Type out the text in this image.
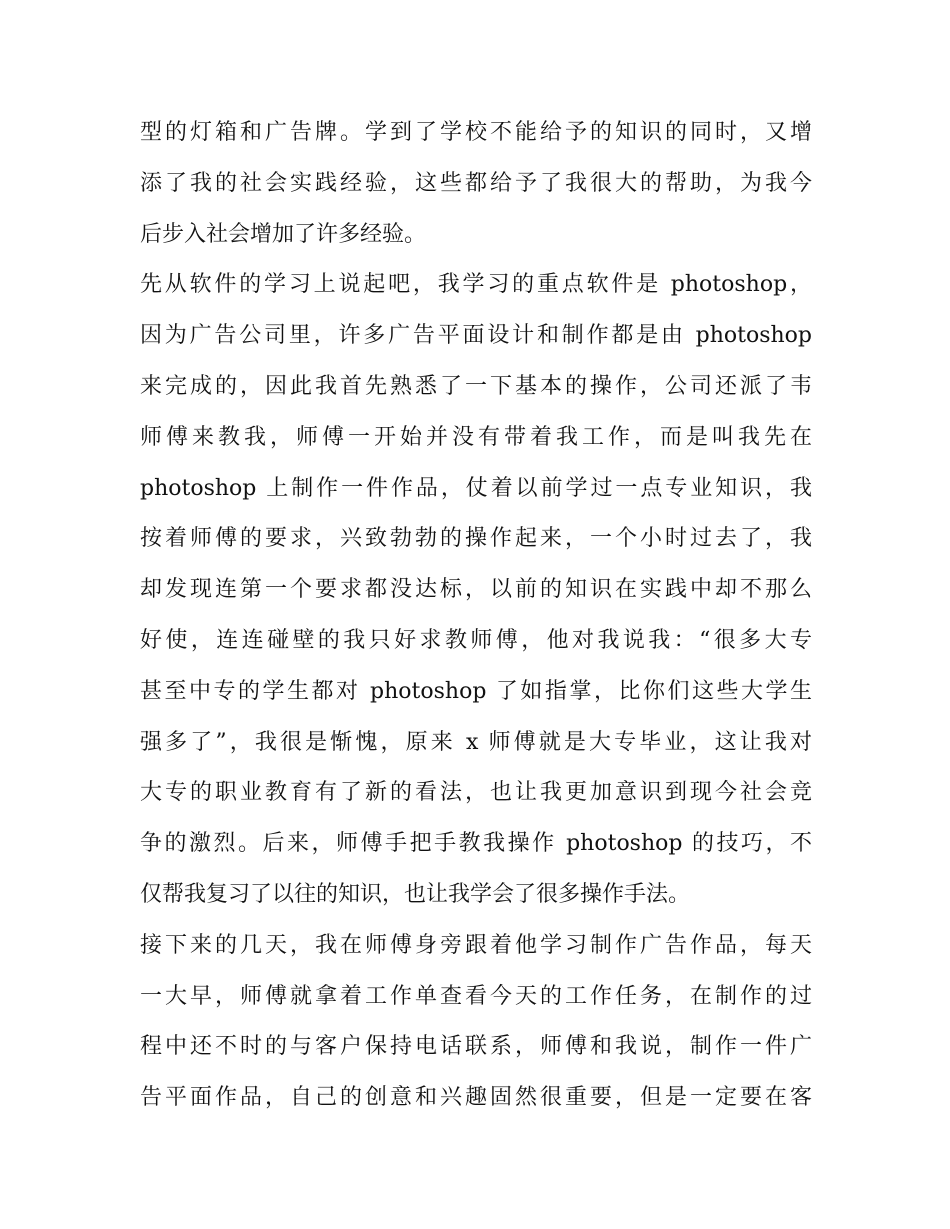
型的灯箱和广告牌。学到了学校不能给予的知识的同时，又增
添了我的社会实践经验，这些都给予了我很大的帮助，为我今
后步入社会增加了许多经验。
先从软件的学习上说起吧，我学习的重点软件是 photoshop，
因为广告公司里，许多广告平面设计和制作都是由 photoshop
来完成的，因此我首先熟悉了一下基本的操作，公司还派了韦
师傅来教我，师傅一开始并没有带着我工作，而是叫我先在
photoshop 上制作一件作品，仗着以前学过一点专业知识，我
按着师傅的要求，兴致勃勃的操作起来，一个小时过去了，我
却发现连第一个要求都没达标，以前的知识在实践中却不那么
好使，连连碰壁的我只好求教师傅，他对我说我：“很多大专
甚至中专的学生都对 photoshop 了如指掌，比你们这些大学生
强多了”，我很是惭愧，原来 x 师傅就是大专毕业，这让我对
大专的职业教育有了新的看法，也让我更加意识到现今社会竞
争的激烈。后来，师傅手把手教我操作 photoshop 的技巧，不
仅帮我复习了以往的知识，也让我学会了很多操作手法。
接下来的几天，我在师傅身旁跟着他学习制作广告作品，每天
一大早，师傅就拿着工作单查看今天的工作任务，在制作的过
程中还不时的与客户保持电话联系，师傅和我说，制作一件广
告平面作品，自己的创意和兴趣固然很重要，但是一定要在客
